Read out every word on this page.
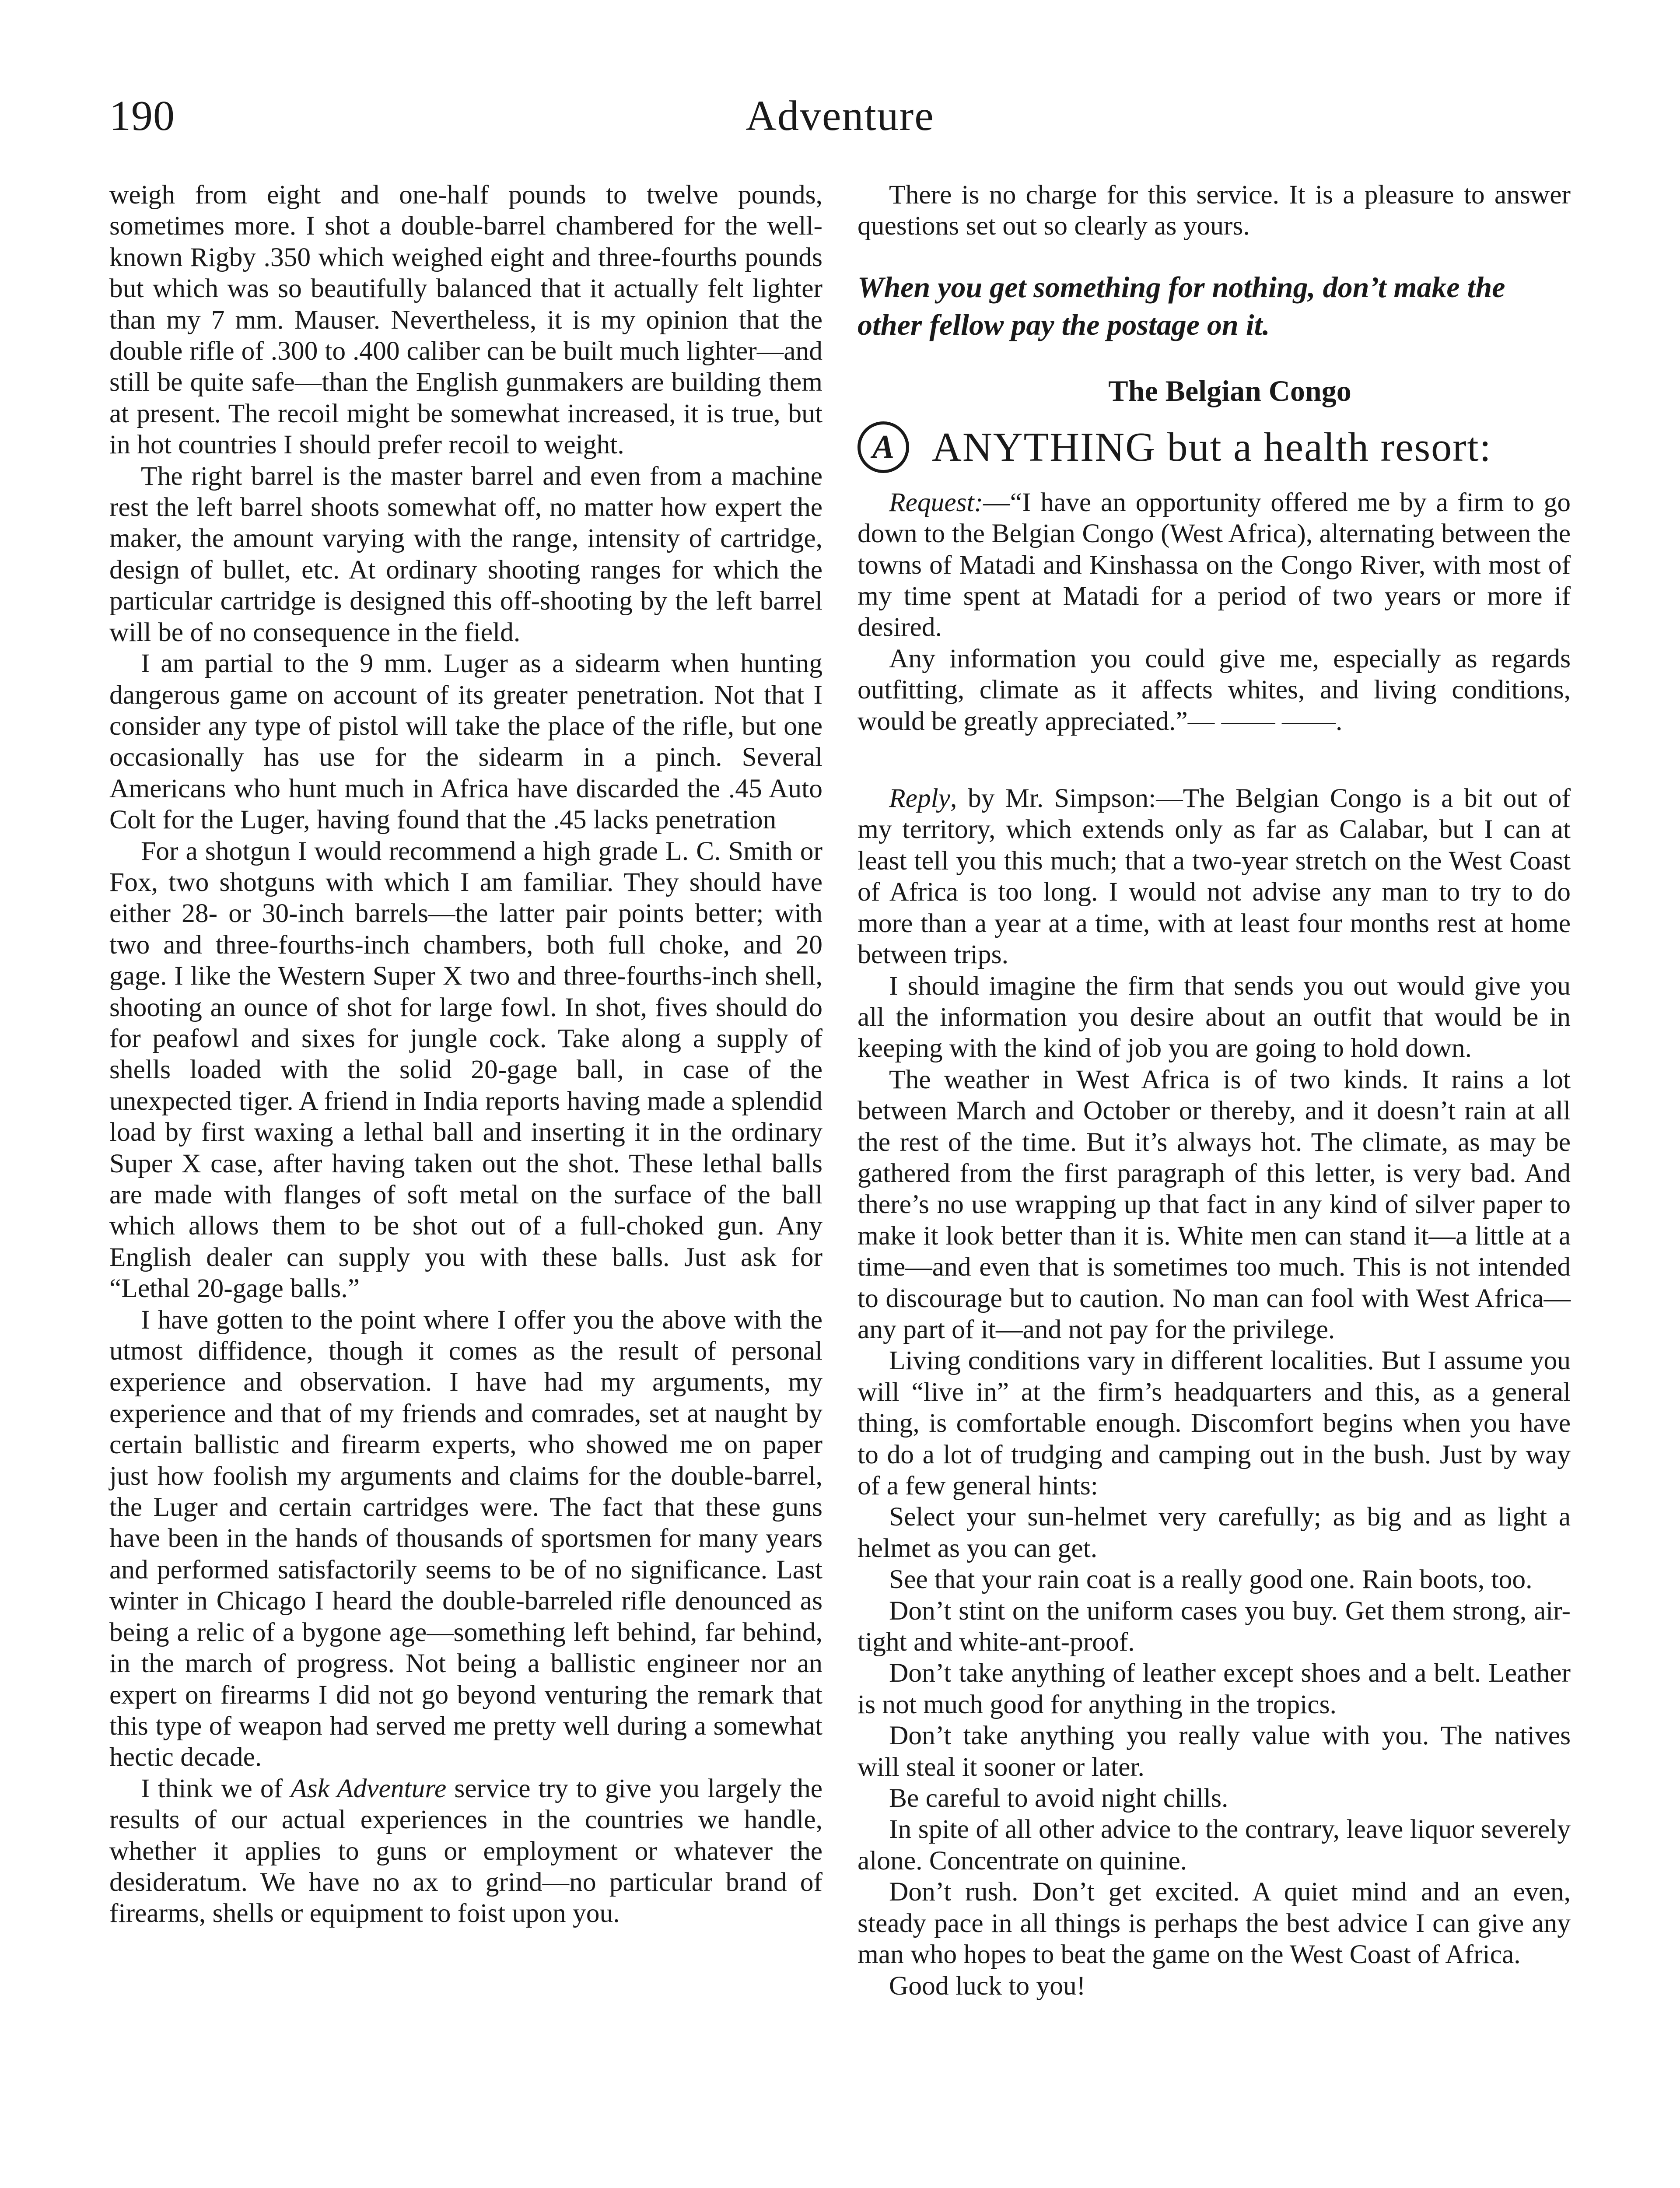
190	Adventure

weigh from eight and one-half pounds to twelve pounds, sometimes more. I shot a double-barrel chambered for the well-known Rigby .350 which weighed eight and three-fourths pounds but which was so beautifully balanced that it actually felt lighter than my 7 mm. Mauser. Nevertheless, it is my opinion that the double rifle of .300 to .400 caliber can be built much lighter—and still be quite safe—than the English gunmakers are building them at present. The recoil might be somewhat increased, it is true, but in hot countries I should prefer recoil to weight.

The right barrel is the master barrel and even from a machine rest the left barrel shoots somewhat off, no matter how expert the maker, the amount varying with the range, intensity of cartridge, design of bullet, etc. At ordinary shooting ranges for which the particular cartridge is designed this off-shooting by the left barrel will be of no consequence in the field.

I am partial to the 9 mm. Luger as a sidearm when hunting dangerous game on account of its greater penetration. Not that I consider any type of pistol will take the place of the rifle, but one occasionally has use for the sidearm in a pinch. Several Americans who hunt much in Africa have discarded the .45 Auto Colt for the Luger, having found that the .45 lacks penetration

For a shotgun I would recommend a high grade L. C. Smith or Fox, two shotguns with which I am familiar. They should have either 28- or 30-inch barrels—the latter pair points better; with two and three-fourths-inch chambers, both full choke, and 20 gage. I like the Western Super X two and three-fourths-inch shell, shooting an ounce of shot for large fowl. In shot, fives should do for peafowl and sixes for jungle cock. Take along a supply of shells loaded with the solid 20-gage ball, in case of the unexpected tiger. A friend in India reports having made a splendid load by first waxing a lethal ball and inserting it in the ordinary Super X case, after having taken out the shot. These lethal balls are made with flanges of soft metal on the surface of the ball which allows them to be shot out of a full-choked gun. Any English dealer can supply you with these balls. Just ask for “Lethal 20-gage balls.”

I have gotten to the point where I offer you the above with the utmost diffidence, though it comes as the result of personal experience and observation. I have had my arguments, my experience and that of my friends and comrades, set at naught by certain ballistic and firearm experts, who showed me on paper just how foolish my arguments and claims for the double-barrel, the Luger and certain cartridges were. The fact that these guns have been in the hands of thousands of sportsmen for many years and performed satisfactorily seems to be of no significance. Last winter in Chicago I heard the double-barreled rifle denounced as being a relic of a bygone age—something left behind, far behind, in the march of progress. Not being a ballistic engineer nor an expert on firearms I did not go beyond venturing the remark that this type of weapon had served me pretty well during a somewhat hectic decade.

I think we of Ask Adventure service try to give you largely the results of our actual experiences in the countries we handle, whether it applies to guns or employment or whatever the desideratum. We have no ax to grind—no particular brand of firearms, shells or equipment to foist upon you.

There is no charge for this service. It is a pleasure to answer questions set out so clearly as yours.

When you get something for nothing, don’t make the other fellow pay the postage on it.

The Belgian Congo

A ANYTHING but a health resort:

Request:—“I have an opportunity offered me by a firm to go down to the Belgian Congo (West Africa), alternating between the towns of Matadi and Kinshassa on the Congo River, with most of my time spent at Matadi for a period of two years or more if desired.

Any information you could give me, especially as regards outfitting, climate as it affects whites, and living conditions, would be greatly appreciated.”— —— ——.

Reply, by Mr. Simpson:—The Belgian Congo is a bit out of my territory, which extends only as far as Calabar, but I can at least tell you this much; that a two-year stretch on the West Coast of Africa is too long. I would not advise any man to try to do more than a year at a time, with at least four months rest at home between trips.

I should imagine the firm that sends you out would give you all the information you desire about an outfit that would be in keeping with the kind of job you are going to hold down.

The weather in West Africa is of two kinds. It rains a lot between March and October or thereby, and it doesn’t rain at all the rest of the time. But it’s always hot. The climate, as may be gathered from the first paragraph of this letter, is very bad. And there’s no use wrapping up that fact in any kind of silver paper to make it look better than it is. White men can stand it—a little at a time—and even that is sometimes too much. This is not intended to discourage but to caution. No man can fool with West Africa—any part of it—and not pay for the privilege.

Living conditions vary in different localities. But I assume you will “live in” at the firm’s headquarters and this, as a general thing, is comfortable enough. Discomfort begins when you have to do a lot of trudging and camping out in the bush. Just by way of a few general hints:

Select your sun-helmet very carefully; as big and as light a helmet as you can get.

See that your rain coat is a really good one. Rain boots, too.

Don’t stint on the uniform cases you buy. Get them strong, air-tight and white-ant-proof.

Don’t take anything of leather except shoes and a belt. Leather is not much good for anything in the tropics.

Don’t take anything you really value with you. The natives will steal it sooner or later.

Be careful to avoid night chills.

In spite of all other advice to the contrary, leave liquor severely alone. Concentrate on quinine.

Don’t rush. Don’t get excited. A quiet mind and an even, steady pace in all things is perhaps the best advice I can give any man who hopes to beat the game on the West Coast of Africa.

Good luck to you!
